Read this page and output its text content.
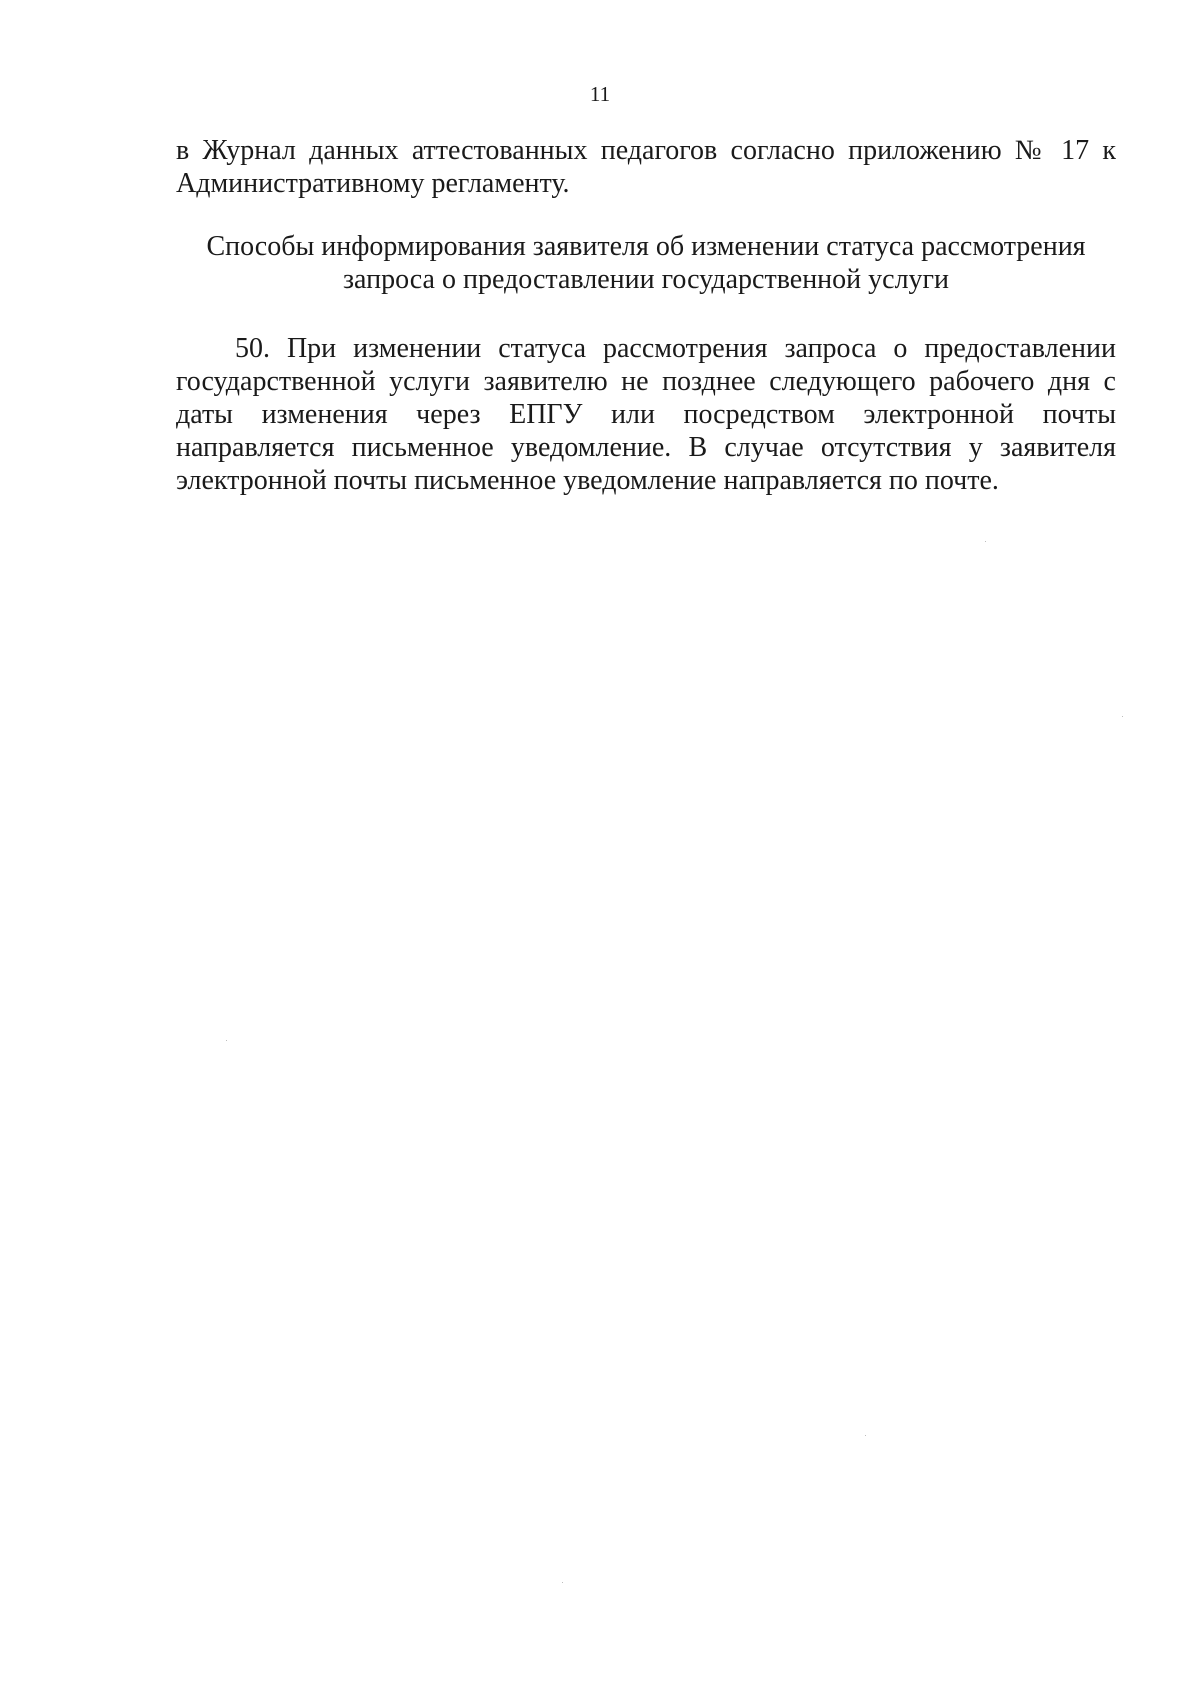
11

в Журнал данных аттестованных педагогов согласно приложению № 17 к Административному регламенту.

Способы информирования заявителя об изменении статуса рассмотрения
запроса о предоставлении государственной услуги

50. При изменении статуса рассмотрения запроса о предоставлении государственной услуги заявителю не позднее следующего рабочего дня с даты изменения через ЕПГУ или посредством электронной почты направляется письменное уведомление. В случае отсутствия у заявителя электронной почты письменное уведомление направляется по почте.
